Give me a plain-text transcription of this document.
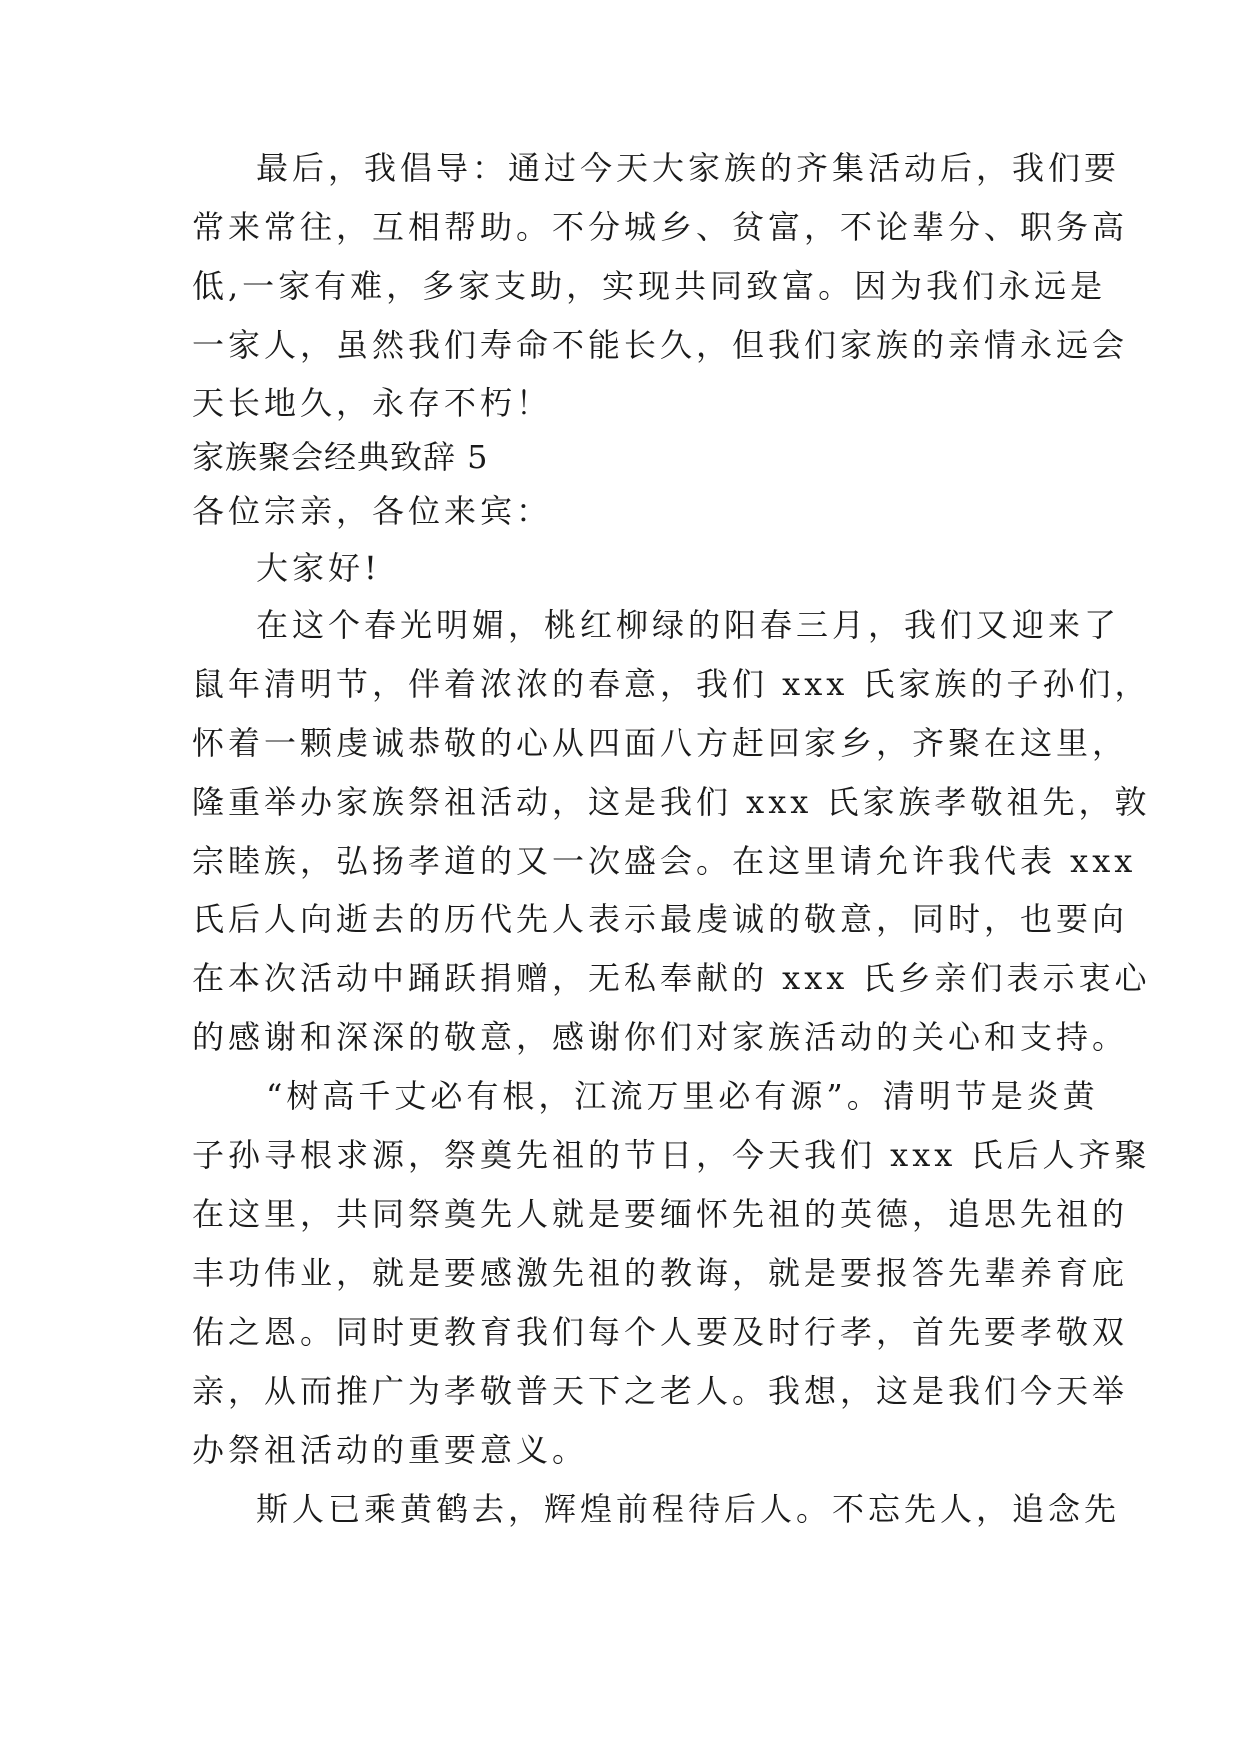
最后，我倡导：通过今天大家族的齐集活动后，我们要

常来常往，互相帮助。不分城乡、贫富，不论辈分、职务高

低,一家有难，多家支助，实现共同致富。因为我们永远是

一家人，虽然我们寿命不能长久，但我们家族的亲情永远会

天长地久，永存不朽！

家族聚会经典致辞 5

各位宗亲，各位来宾：

大家好!

在这个春光明媚，桃红柳绿的阳春三月，我们又迎来了

鼠年清明节，伴着浓浓的春意，我们 xxx 氏家族的子孙们，

怀着一颗虔诚恭敬的心从四面八方赶回家乡，齐聚在这里，

隆重举办家族祭祖活动，这是我们 xxx 氏家族孝敬祖先，敦

宗睦族，弘扬孝道的又一次盛会。在这里请允许我代表 xxx

氏后人向逝去的历代先人表示最虔诚的敬意，同时，也要向

在本次活动中踊跃捐赠，无私奉献的 xxx 氏乡亲们表示衷心

的感谢和深深的敬意，感谢你们对家族活动的关心和支持。

“树高千丈必有根，江流万里必有源”。清明节是炎黄

子孙寻根求源，祭奠先祖的节日，今天我们 xxx 氏后人齐聚

在这里，共同祭奠先人就是要缅怀先祖的英德，追思先祖的

丰功伟业，就是要感激先祖的教诲，就是要报答先辈养育庇

佑之恩。同时更教育我们每个人要及时行孝，首先要孝敬双

亲，从而推广为孝敬普天下之老人。我想，这是我们今天举

办祭祖活动的重要意义。

斯人已乘黄鹤去，辉煌前程待后人。不忘先人，追念先
